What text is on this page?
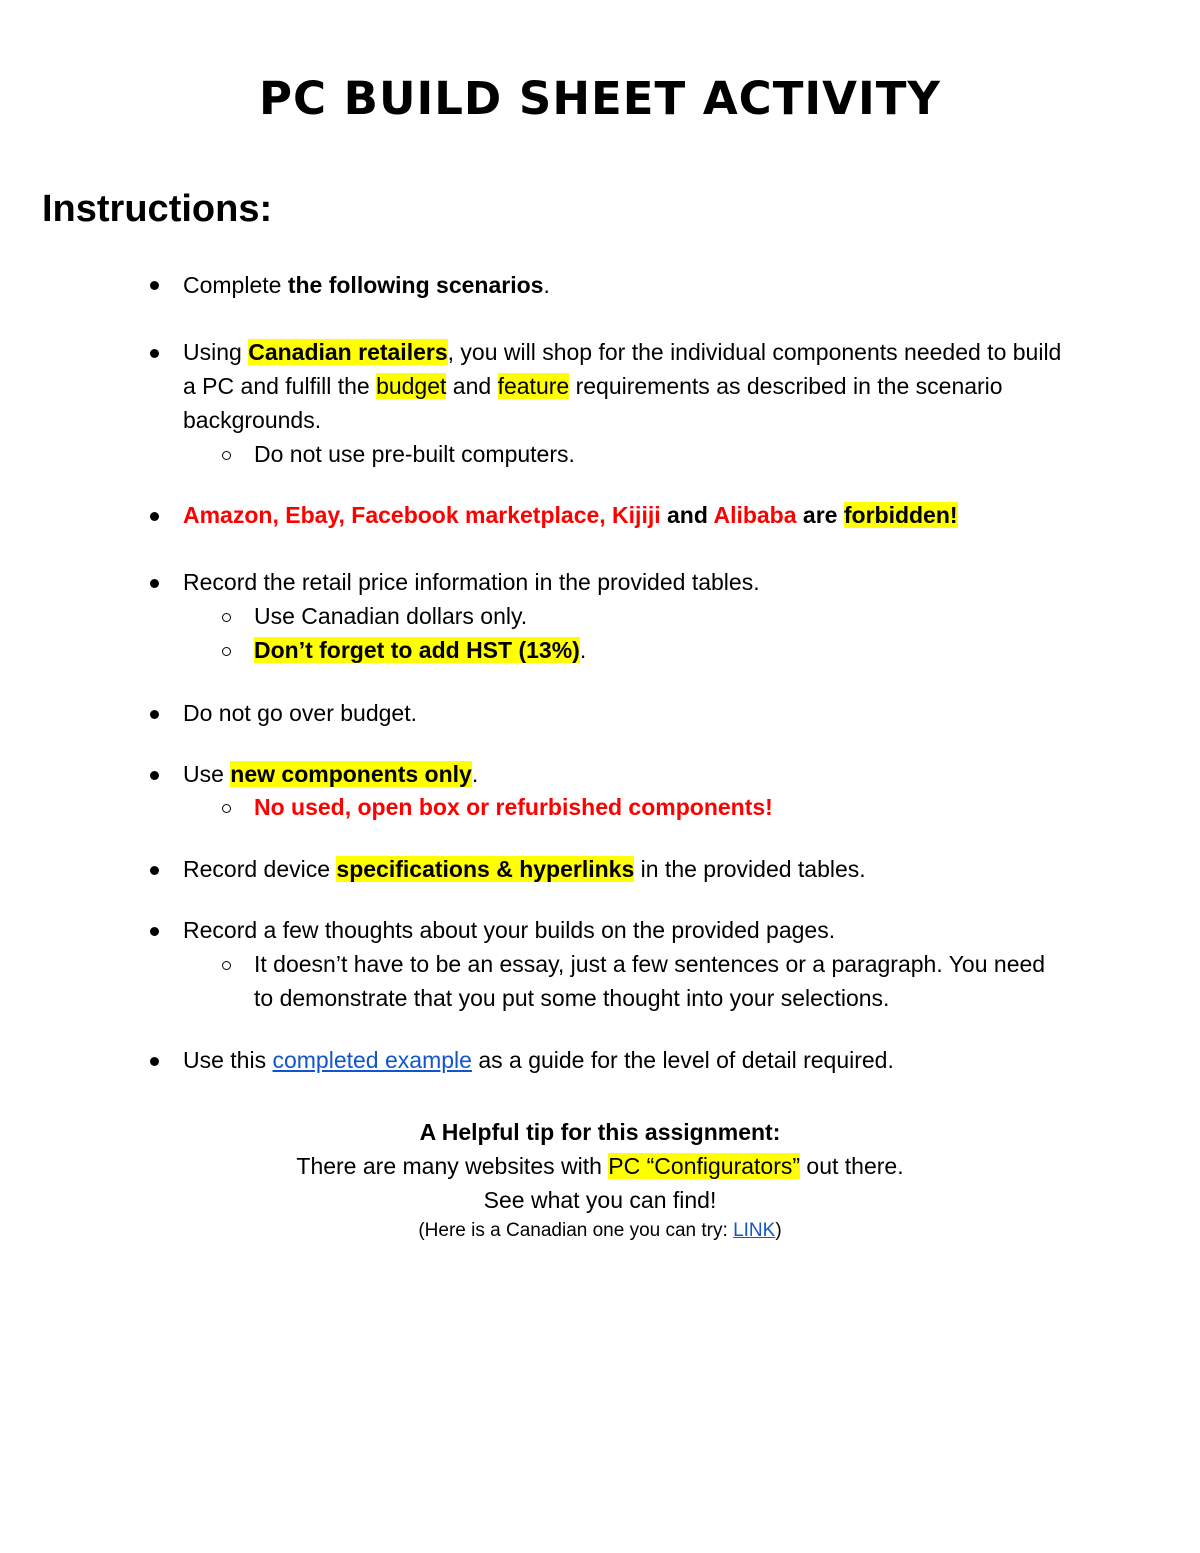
PC BUILD SHEET ACTIVITY
Instructions:
Complete the following scenarios.
Using Canadian retailers, you will shop for the individual components needed to build
a PC and fulfill the budget and feature requirements as described in the scenario
backgrounds.
Do not use pre-built computers.
Amazon, Ebay, Facebook marketplace, Kijiji and Alibaba are forbidden!
Record the retail price information in the provided tables.
Use Canadian dollars only.
Don’t forget to add HST (13%).
Do not go over budget.
Use new components only.
No used, open box or refurbished components!
Record device specifications & hyperlinks in the provided tables.
Record a few thoughts about your builds on the provided pages.
It doesn’t have to be an essay, just a few sentences or a paragraph. You need
to demonstrate that you put some thought into your selections.
Use this completed example as a guide for the level of detail required.
A Helpful tip for this assignment:
There are many websites with PC “Configurators” out there.
See what you can find!
(Here is a Canadian one you can try: LINK)
